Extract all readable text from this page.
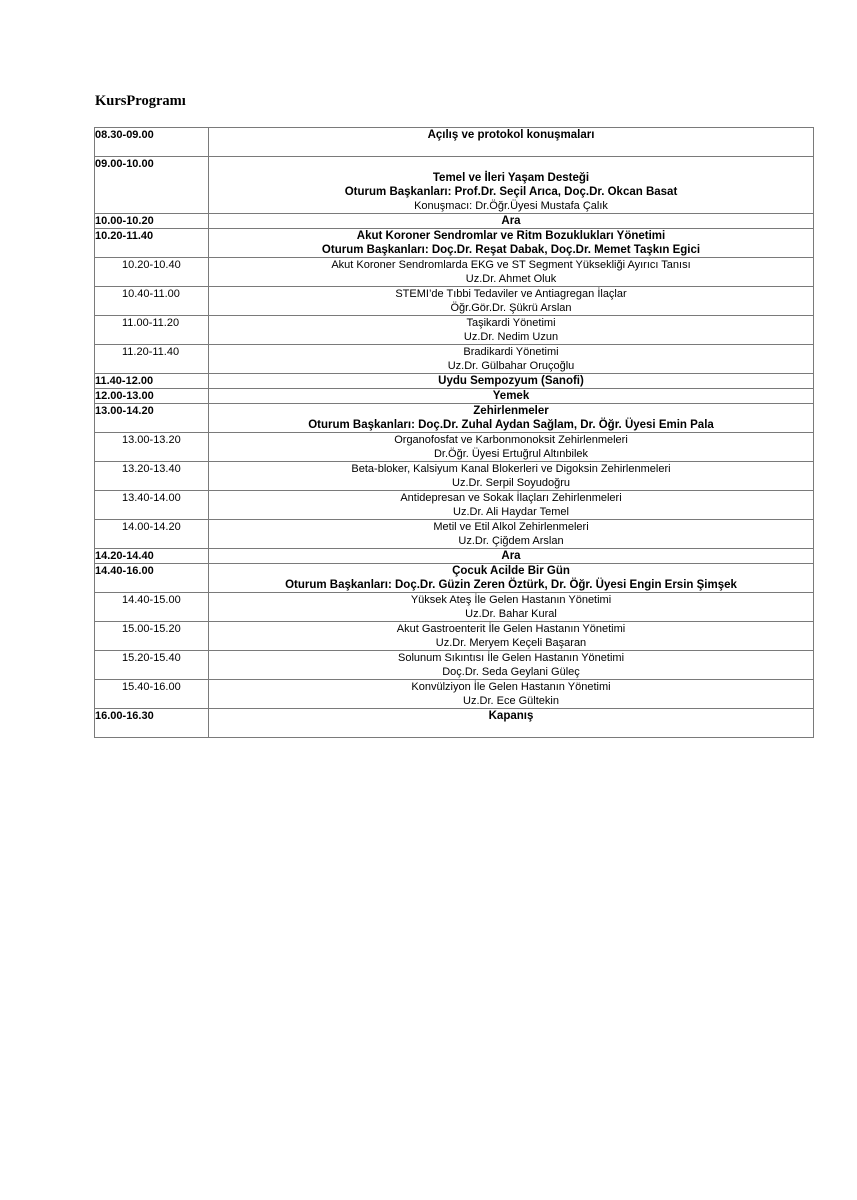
KursProgramı
08.30-09.00	Açılış ve protokol konuşmaları

09.00-10.00	Temel ve İleri Yaşam Desteği
Oturum Başkanları: Prof.Dr. Seçil Arıca, Doç.Dr. Okcan Basat
Konuşmacı: Dr.Öğr.Üyesi Mustafa Çalık

10.00-10.20	Ara

10.20-11.40	Akut Koroner Sendromlar ve Ritm Bozuklukları Yönetimi
Oturum Başkanları: Doç.Dr. Reşat Dabak, Doç.Dr. Memet Taşkın Egici

10.20-10.40	Akut Koroner Sendromlarda EKG ve ST Segment Yüksekliği Ayırıcı Tanısı
Uz.Dr. Ahmet Oluk

10.40-11.00	STEMI’de Tıbbi Tedaviler ve Antiagregan İlaçlar
Öğr.Gör.Dr. Şükrü Arslan

11.00-11.20	Taşikardi Yönetimi
Uz.Dr. Nedim Uzun

11.20-11.40	Bradikardi Yönetimi
Uz.Dr. Gülbahar Oruçoğlu

11.40-12.00	Uydu Sempozyum (Sanofi)

12.00-13.00	Yemek

13.00-14.20	Zehirlenmeler
Oturum Başkanları: Doç.Dr. Zuhal Aydan Sağlam, Dr. Öğr. Üyesi Emin Pala

13.00-13.20	Organofosfat ve Karbonmonoksit Zehirlenmeleri
Dr.Öğr. Üyesi Ertuğrul Altınbilek

13.20-13.40	Beta-bloker, Kalsiyum Kanal Blokerleri ve Digoksin Zehirlenmeleri
Uz.Dr. Serpil Soyudoğru

13.40-14.00	Antidepresan ve Sokak İlaçları Zehirlenmeleri
Uz.Dr. Ali Haydar Temel

14.00-14.20	Metil ve Etil Alkol Zehirlenmeleri
Uz.Dr. Çiğdem Arslan

14.20-14.40	Ara

14.40-16.00	Çocuk Acilde Bir Gün
Oturum Başkanları: Doç.Dr. Güzin Zeren Öztürk, Dr. Öğr. Üyesi Engin Ersin Şimşek

14.40-15.00	Yüksek Ateş İle Gelen Hastanın Yönetimi
Uz.Dr. Bahar Kural

15.00-15.20	Akut Gastroenterit İle Gelen Hastanın Yönetimi
Uz.Dr. Meryem Keçeli Başaran

15.20-15.40	Solunum Sıkıntısı İle Gelen Hastanın Yönetimi
Doç.Dr. Seda Geylani Güleç

15.40-16.00	Konvülziyon İle Gelen Hastanın Yönetimi
Uz.Dr. Ece Gültekin

16.00-16.30	Kapanış
